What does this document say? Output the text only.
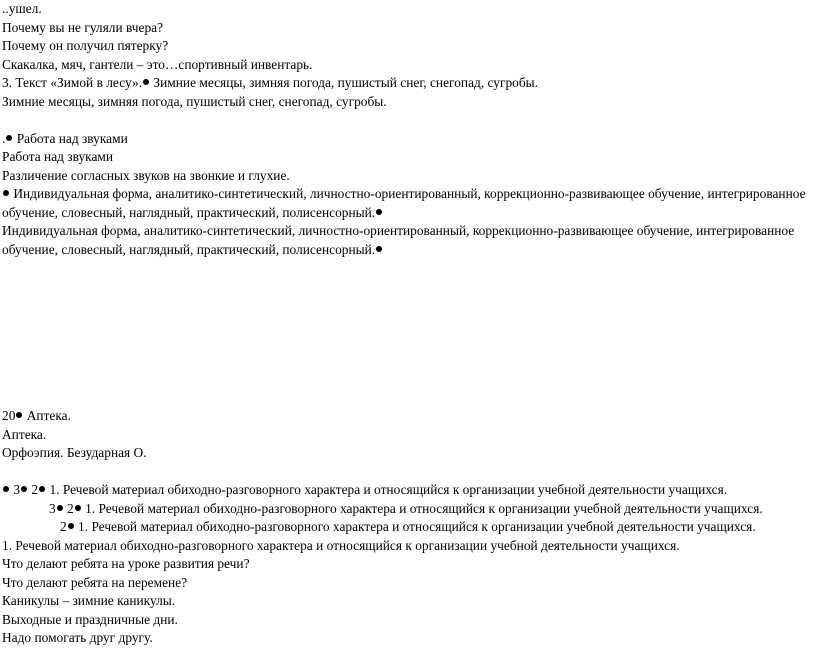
..ушел.
Почему вы не гуляли вчера?
Почему он получил пятерку?
Скакалка, мяч, гантели – это…спортивный инвентарь.
3. Текст «Зимой в лесу». Зимние месяцы, зимняя погода, пушистый снег, снегопад, сугробы.
Зимние месяцы, зимняя погода, пушистый снег, снегопад, сугробы.
. Работа над звуками
Работа над звуками
Различение согласных звуков на звонкие и глухие.
Индивидуальная форма, аналитико-синтетический, личностно-ориентированный, коррекционно-развивающее обучение, интегрированное обучение, словесный, наглядный, практический, полисенсорный.
Индивидуальная форма, аналитико-синтетический, личностно-ориентированный, коррекционно-развивающее обучение, интегрированное обучение, словесный, наглядный, практический, полисенсорный.
20 Аптека.
Аптека.
Орфоэпия. Безударная О.
3 2 1. Речевой материал обиходно-разговорного характера и относящийся к организации учебной деятельности учащихся.
3 2 1. Речевой материал обиходно-разговорного характера и относящийся к организации учебной деятельности учащихся.
2 1. Речевой материал обиходно-разговорного характера и относящийся к организации учебной деятельности учащихся.
1. Речевой материал обиходно-разговорного характера и относящийся к организации учебной деятельности учащихся.
Что делают ребята на уроке развития речи?
Что делают ребята на перемене?
Каникулы – зимние каникулы.
Выходные и праздничные дни.
Надо помогать друг другу.
